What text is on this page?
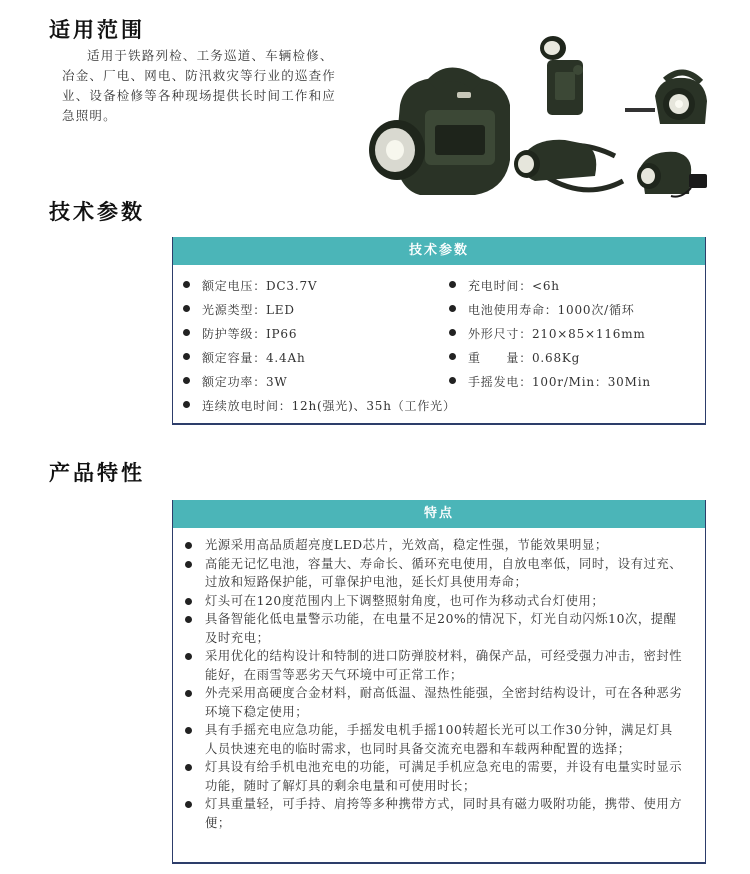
适用范围

适用于铁路列检、工务巡道、车辆检修、冶金、厂电、网电、防汛救灾等行业的巡查作业、设备检修等各种现场提供长时间工作和应急照明。

技术参数
技术参数
额定电压：DC3.7V	充电时间：<6h
光源类型：LED	电池使用寿命：1000次/循环
防护等级：IP66	外形尺寸：210×85×116mm
额定容量：4.4Ah	重　　量：0.68Kg
额定功率：3W	手摇发电：100r/Min：30Min
连续放电时间：12h(强光)、35h（工作光）
产品特性
特点
光源采用高品质超亮度LED芯片，光效高，稳定性强，节能效果明显；
高能无记忆电池，容量大、寿命长、循环充电使用，自放电率低，同时，设有过充、过放和短路保护能，可靠保护电池，延长灯具使用寿命；
灯头可在120度范围内上下调整照射角度，也可作为移动式台灯使用；
具备智能化低电量警示功能，在电量不足20%的情况下，灯光自动闪烁10次，提醒及时充电；
采用优化的结构设计和特制的进口防弹胶材料，确保产品，可经受强力冲击，密封性能好，在雨雪等恶劣天气环境中可正常工作；
外壳采用高硬度合金材料，耐高低温、湿热性能强，全密封结构设计，可在各种恶劣环境下稳定使用；
具有手摇充电应急功能，手摇发电机手摇100转超长光可以工作30分钟，满足灯具人员快速充电的临时需求，也同时具备交流充电器和车载两种配置的选择；
灯具设有给手机电池充电的功能，可满足手机应急充电的需要，并设有电量实时显示功能，随时了解灯具的剩余电量和可使用时长；
灯具重量轻，可手持、肩挎等多种携带方式，同时具有磁力吸附功能，携带、使用方便；
